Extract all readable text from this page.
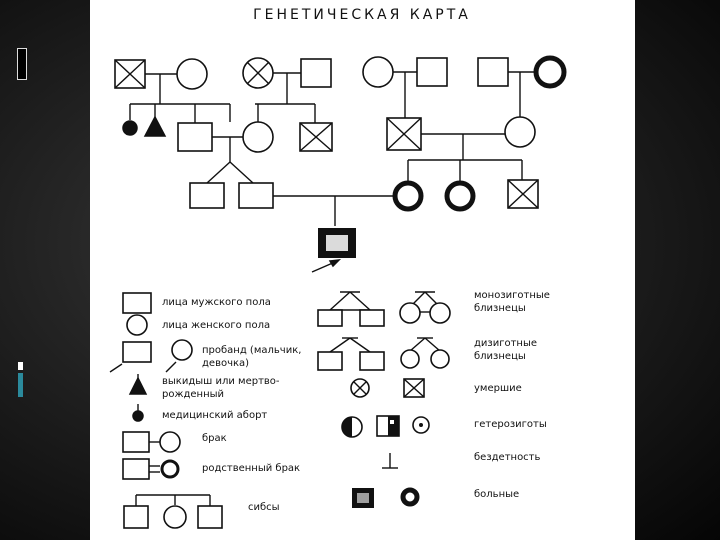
ГЕНЕТИЧЕСКАЯ КАРТА
лица мужского пола
лица женского пола
пробанд (мальчик,
девочка)
выкидыш или мертво-
рожденный
медицинский аборт
брак
родственный брак
сибсы
монозиготные
близнецы
дизиготные
близнецы
умершие
гетерозиготы
бездетность
больные
